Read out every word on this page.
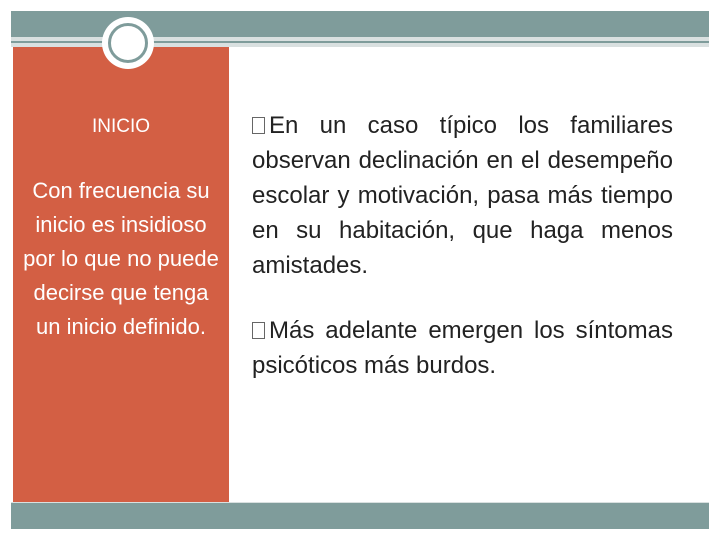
INICIO
Con frecuencia su inicio es insidioso por lo que no puede decirse que tenga un inicio definido.

En un caso típico los familiares observan declinación en el desempeño escolar y motivación, pasa más tiempo en su habitación, que haga menos amistades.

Más adelante emergen los síntomas psicóticos más burdos.
